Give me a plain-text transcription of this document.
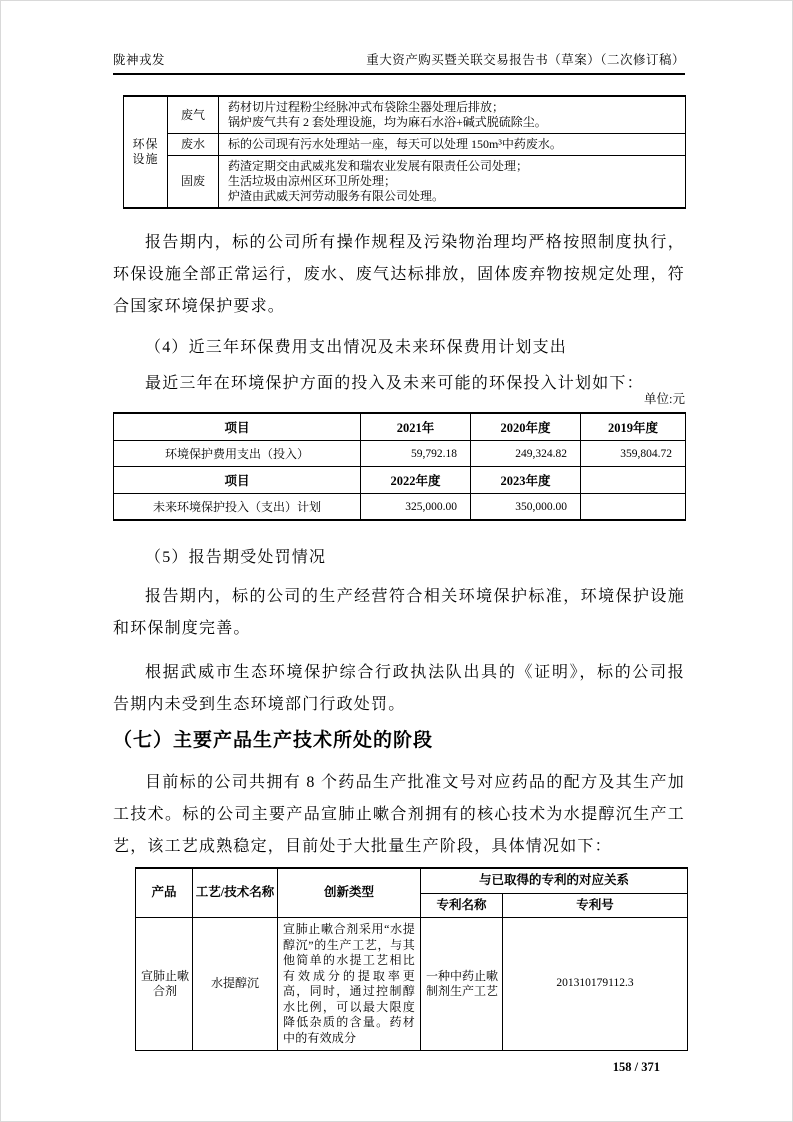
陇神戎发	重大资产购买暨关联交易报告书（草案）（二次修订稿）
环保设施	废气	药材切片过程粉尘经脉冲式布袋除尘器处理后排放；
锅炉废气共有 2 套处理设施，均为麻石水浴+碱式脱硫除尘。

	废水	标的公司现有污水处理站一座，每天可以处理 150m³中药废水。

	固废	药渣定期交由武威兆发和瑞农业发展有限责任公司处理；
生活垃圾由凉州区环卫所处理；
炉渣由武威天河劳动服务有限公司处理。

报告期内，标的公司所有操作规程及污染物治理均严格按照制度执行，环保设施全部正常运行，废水、废气达标排放，固体废弃物按规定处理，符合国家环境保护要求。

（4）近三年环保费用支出情况及未来环保费用计划支出

最近三年在环境保护方面的投入及未来可能的环保投入计划如下：

单位:元
项目	2021年	2020年度	2019年度
环境保护费用支出（投入）	59,792.18	249,324.82	359,804.72
项目	2022年度	2023年度	
未来环境保护投入（支出）计划	325,000.00	350,000.00	

（5）报告期受处罚情况

报告期内，标的公司的生产经营符合相关环境保护标准，环境保护设施和环保制度完善。

根据武威市生态环境保护综合行政执法队出具的《证明》，标的公司报告期内未受到生态环境部门行政处罚。

（七）主要产品生产技术所处的阶段

目前标的公司共拥有 8 个药品生产批准文号对应药品的配方及其生产加工技术。标的公司主要产品宣肺止嗽合剂拥有的核心技术为水提醇沉生产工艺，该工艺成熟稳定，目前处于大批量生产阶段，具体情况如下：

产品	工艺/技术名称	创新类型	与已取得的专利的对应关系	
			专利名称	专利号

宣肺止嗽合剂	水提醇沉	宣肺止嗽合剂采用“水提醇沉”的生产工艺，与其他简单的水提工艺相比有效成分的提取率更高，同时，通过控制醇水比例，可以最大限度降低杂质的含量。药材中的有效成分	一种中药止嗽制剂生产工艺	201310179112.3
158 / 371
